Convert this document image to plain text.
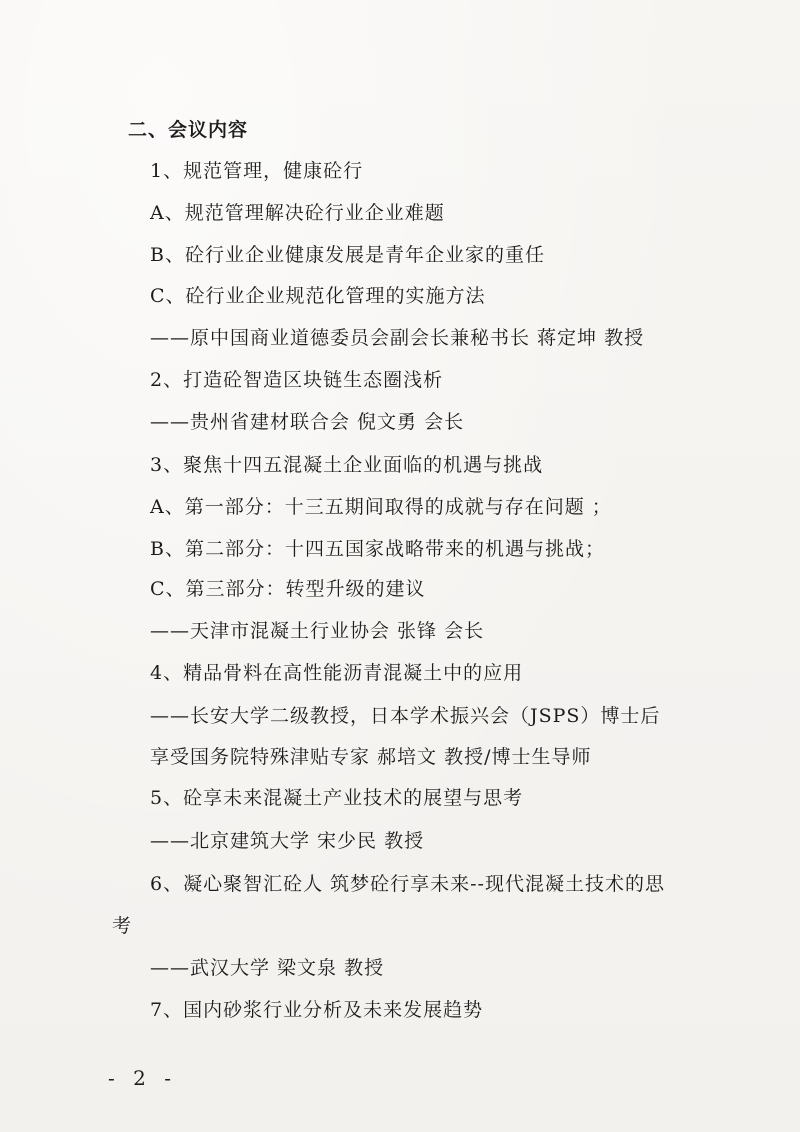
二、会议内容
1、规范管理，健康砼行
A、规范管理解决砼行业企业难题
B、砼行业企业健康发展是青年企业家的重任
C、砼行业企业规范化管理的实施方法
——原中国商业道德委员会副会长兼秘书长 蒋定坤 教授
2、打造砼智造区块链生态圈浅析
——贵州省建材联合会 倪文勇 会长
3、聚焦十四五混凝土企业面临的机遇与挑战
A、第一部分：十三五期间取得的成就与存在问题 ；
B、第二部分：十四五国家战略带来的机遇与挑战；
C、第三部分：转型升级的建议
——天津市混凝土行业协会 张锋 会长
4、精品骨料在高性能沥青混凝土中的应用
——长安大学二级教授，日本学术振兴会（JSPS）博士后
享受国务院特殊津贴专家 郝培文 教授/博士生导师
5、砼享未来混凝土产业技术的展望与思考
——北京建筑大学 宋少民 教授
6、凝心聚智汇砼人 筑梦砼行享未来--现代混凝土技术的思
考
——武汉大学 梁文泉 教授
7、国内砂浆行业分析及未来发展趋势
- 2 -
